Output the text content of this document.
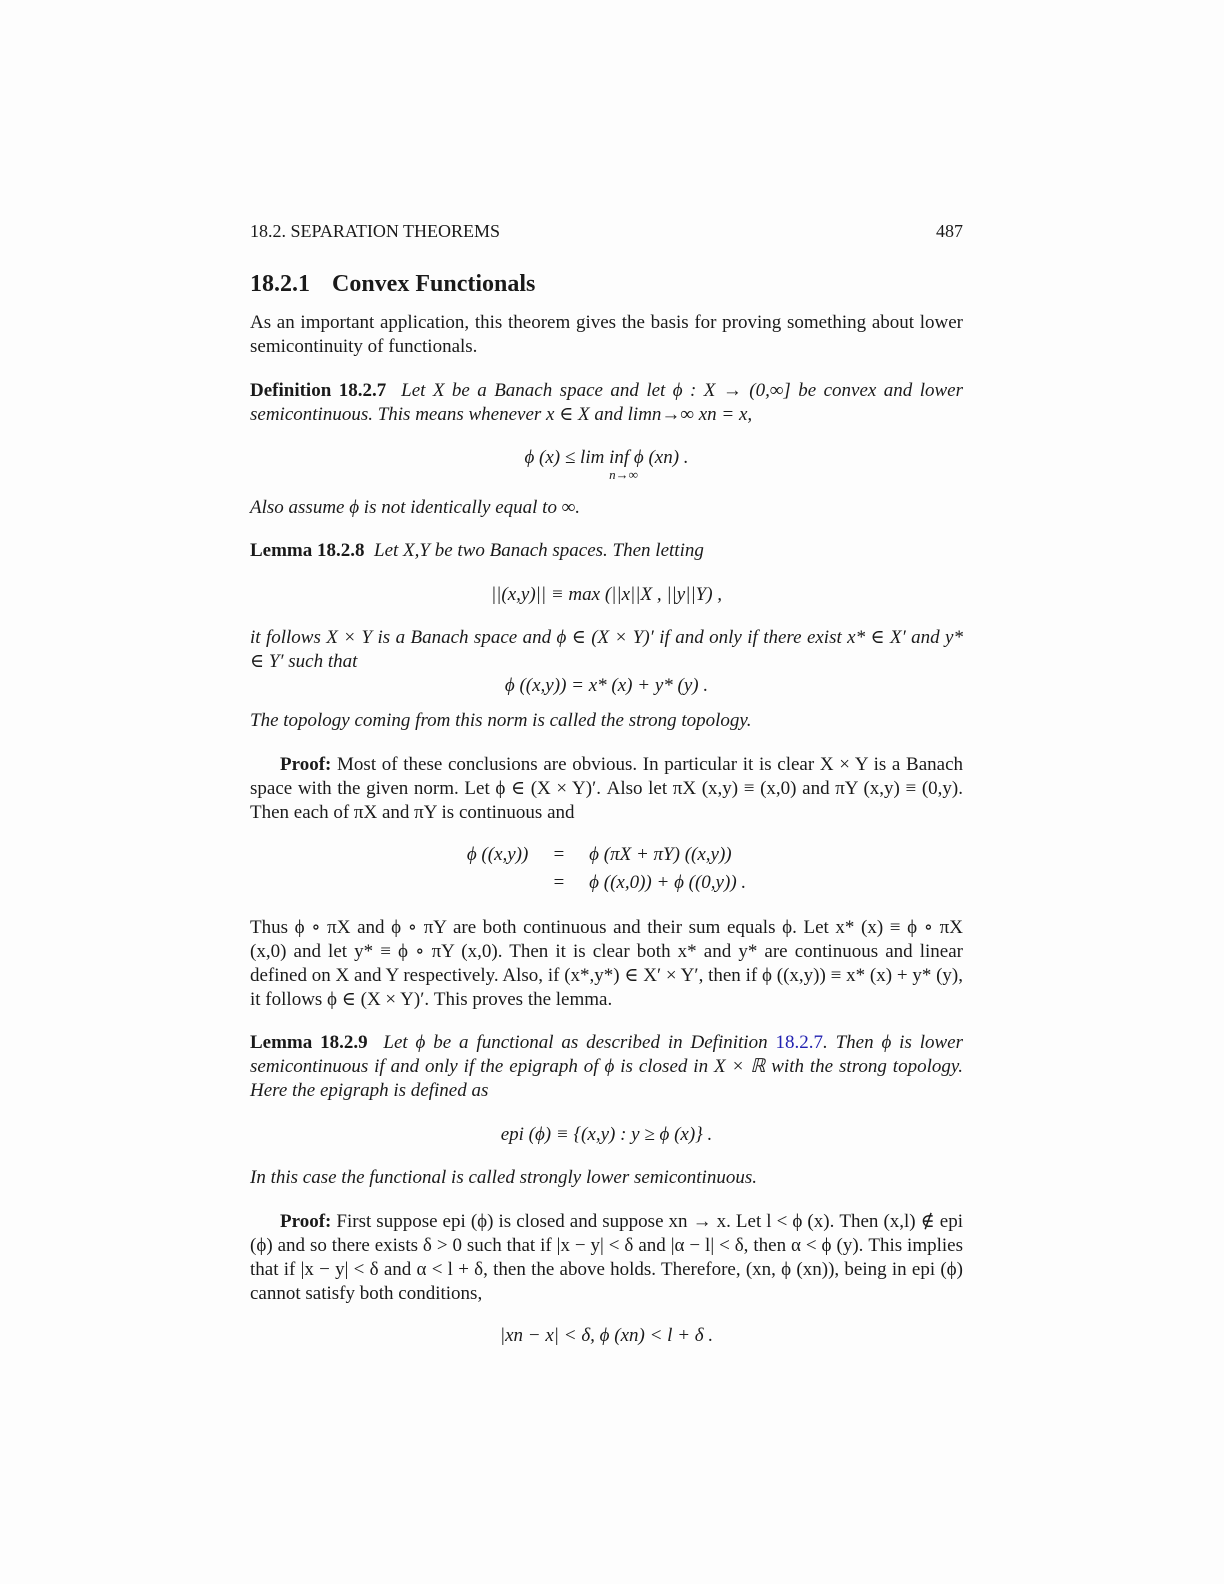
18.2. SEPARATION THEOREMS	487
18.2.1 Convex Functionals
As an important application, this theorem gives the basis for proving something about lower semicontinuity of functionals.
Definition 18.2.7 Let X be a Banach space and let ϕ : X → (0,∞] be convex and lower semicontinuous. This means whenever x ∈ X and limn→∞ xn = x,
ϕ (x) ≤ lim inf ϕ (xn) .
n→∞
Also assume ϕ is not identically equal to ∞.
Lemma 18.2.8 Let X,Y be two Banach spaces. Then letting
||(x,y)|| ≡ max (||x||X , ||y||Y) ,
it follows X × Y is a Banach space and ϕ ∈ (X × Y)′ if and only if there exist x* ∈ X′ and y* ∈ Y′ such that
ϕ ((x,y)) = x* (x) + y* (y) .
The topology coming from this norm is called the strong topology.
Proof: Most of these conclusions are obvious. In particular it is clear X × Y is a Banach space with the given norm. Let ϕ ∈ (X × Y)′. Also let πX (x,y) ≡ (x,0) and πY (x,y) ≡ (0,y). Then each of πX and πY is continuous and
ϕ ((x,y))	=	ϕ (πX + πY) ((x,y))
	=	ϕ ((x,0)) + ϕ ((0,y)) .
Thus ϕ ∘ πX and ϕ ∘ πY are both continuous and their sum equals ϕ. Let x* (x) ≡ ϕ ∘ πX (x,0) and let y* ≡ ϕ ∘ πY (x,0). Then it is clear both x* and y* are continuous and linear defined on X and Y respectively. Also, if (x*,y*) ∈ X′ × Y′, then if ϕ ((x,y)) ≡ x* (x) + y* (y), it follows ϕ ∈ (X × Y)′. This proves the lemma.
Lemma 18.2.9 Let ϕ be a functional as described in Definition 18.2.7. Then ϕ is lower semicontinuous if and only if the epigraph of ϕ is closed in X × ℝ with the strong topology. Here the epigraph is defined as
epi (ϕ) ≡ {(x,y) : y ≥ ϕ (x)} .
In this case the functional is called strongly lower semicontinuous.
Proof: First suppose epi (ϕ) is closed and suppose xn → x. Let l < ϕ (x). Then (x,l) ∉ epi (ϕ) and so there exists δ > 0 such that if |x − y| < δ and |α − l| < δ, then α < ϕ (y). This implies that if |x − y| < δ and α < l + δ, then the above holds. Therefore, (xn, ϕ (xn)), being in epi (ϕ) cannot satisfy both conditions,
|xn − x| < δ, ϕ (xn) < l + δ .
